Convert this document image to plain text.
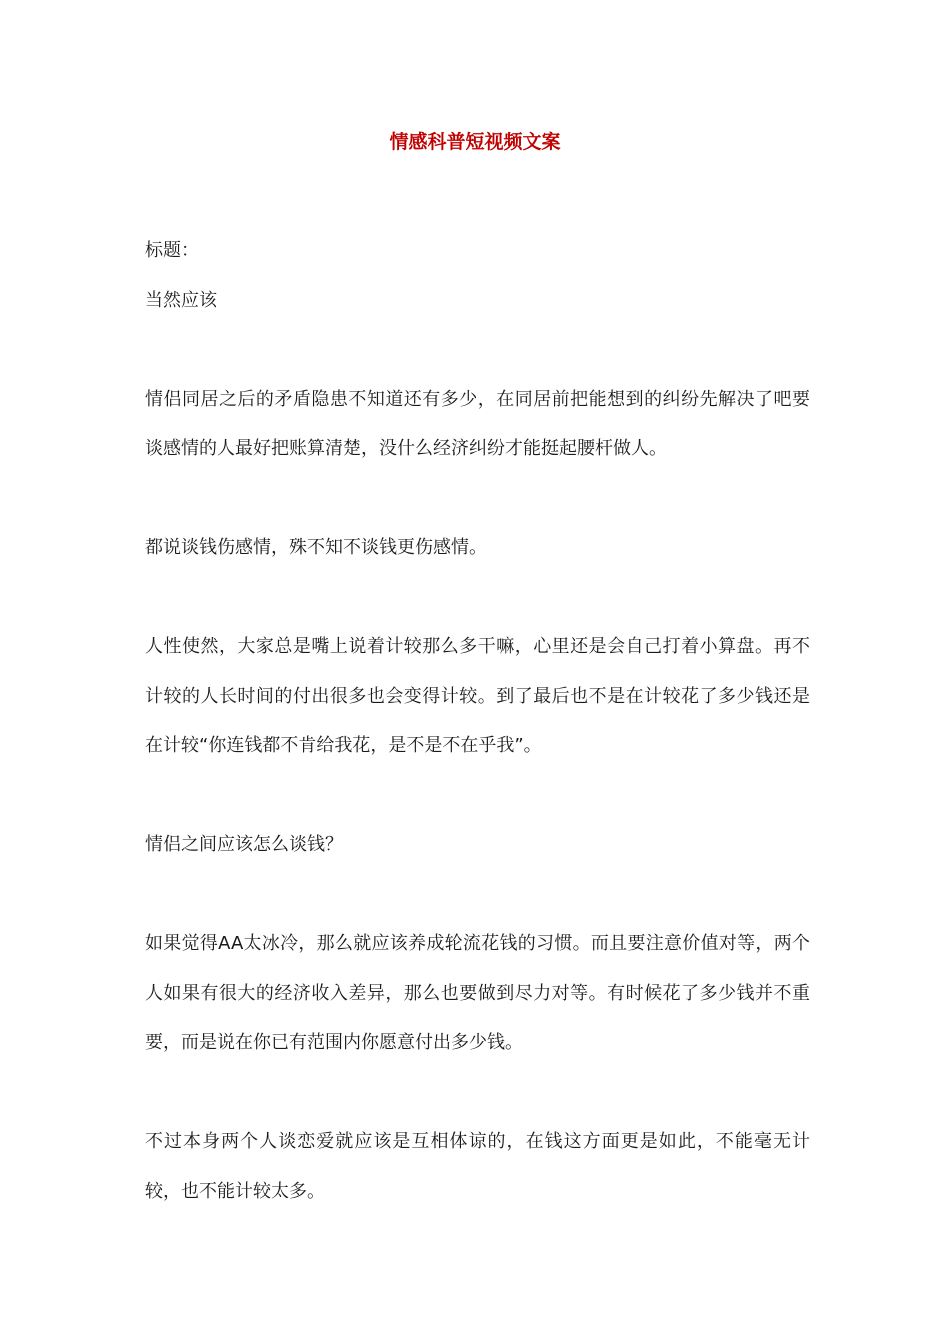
情感科普短视频文案

标题：

当然应该

情侣同居之后的矛盾隐患不知道还有多少，在同居前把能想到的纠纷先解决了吧要谈感情的人最好把账算清楚，没什么经济纠纷才能挺起腰杆做人。

都说谈钱伤感情，殊不知不谈钱更伤感情。

人性使然，大家总是嘴上说着计较那么多干嘛，心里还是会自己打着小算盘。再不计较的人长时间的付出很多也会变得计较。到了最后也不是在计较花了多少钱还是在计较“你连钱都不肯给我花，是不是不在乎我”。

情侣之间应该怎么谈钱？

如果觉得AA太冰冷，那么就应该养成轮流花钱的习惯。而且要注意价值对等，两个人如果有很大的经济收入差异，那么也要做到尽力对等。有时候花了多少钱并不重要，而是说在你已有范围内你愿意付出多少钱。

不过本身两个人谈恋爱就应该是互相体谅的，在钱这方面更是如此，不能毫无计较，也不能计较太多。
